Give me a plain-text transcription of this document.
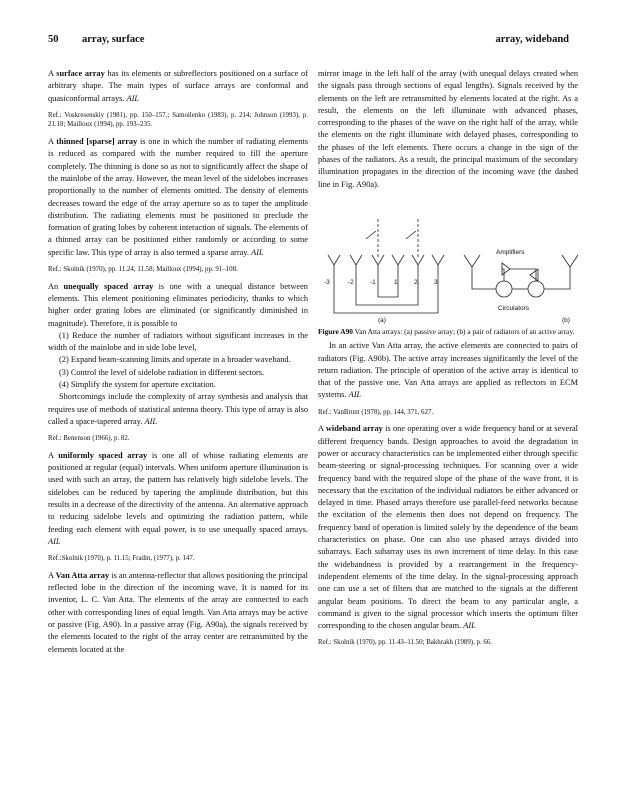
50 array, surface	array, wideband

A surface array has its elements or subreflectors positioned on a surface of arbitrary shape. The main types of surface arrays are conformal and quasiconformal arrays. AIL

Ref.: Voskresenskiy (1981), pp. 150–157.; Samoilenko (1983), p. 214; Johnson (1993), p. 21.18; Mailloux (1994), pp. 193–235.

A thinned [sparse] array is one in which the number of radiating elements is reduced as compared with the number required to fill the aperture completely. The thinning is done so as not to significantly affect the shape of the mainlobe of the array. However, the mean level of the sidelobes increases proportionally to the number of elements omitted. The density of elements decreases toward the edge of the array aperture so as to taper the amplitude distribution. The radiating elements must be positioned to preclude the formation of grating lobes by coherent interaction of signals. The elements of a thinned array can be positioned either randomly or according to some specific law. This type of array is also termed a sparse array. AIL

Ref.: Skolnik (1970), pp. 11.24, 11.58; Mailloux (1994), pp. 91–108.

An unequally spaced array is one with a unequal distance between elements. This element positioning eliminates periodicity, thanks to which higher order grating lobes are eliminated (or significantly diminished in magnitude). Therefore, it is possible to

(1) Reduce the number of radiators without significant increases in the width of the mainlobe and in side lobe level,

(2) Expand beam-scanning limits and operate in a broader waveband.

(3) Control the level of sidelobe radiation in different sectors.

(4) Simplify the system for aperture excitation.

Shortcomings include the complexity of array synthesis and analysis that requires use of methods of statistical antenna theory. This type of array is also called a space-tapered array. AIL

Ref.: Benenson (1966), p. 82.

A uniformly spaced array is one all of whose radiating elements are positioned at regular (equal) intervals. When uniform aperture illumination is used with such an array, the pattern has relatively high sidelobe levels. The sidelobes can be reduced by tapering the amplitude distribution, but this results in a decrease of the directivity of the antenna. An alternative approach to reducing sidelobe levels and optimizing the radiation pattern, while feeding each element with equal power, is to use unequally spaced arrays. AIL

Ref.:Skolnik (1970), p. 11.15; Fradin, (1977), p. 147.

A Van Atta array is an antenna-reflector that allows positioning the principal reflected lobe in the direction of the incoming wave. It is named for its inventor, L. C. Van Atta. The elements of the array are connected to each other with corresponding lines of equal length. Van Atta arrays may be active or passive (Fig. A90). In a passive array (Fig. A90a), the signals received by the elements located to the right of the array center are retransmitted by the elements located at the

mirror image in the left half of the array (with unequal delays created when the signals pass through sections of equal lengths). Signals received by the elements on the left are retransmitted by elements located at the right. As a result, the elements on the left illuminate with advanced phases, corresponding to the phases of the wave on the right half of the array, while the elements on the right illuminate with delayed phases, corresponding to the phases of the left elements. There occurs a change in the sign of the phases of the radiators. As a result, the principal maximum of the secondary illumination propagates in the direction of the incoming wave (the dashed line in Fig. A90a).

-3	-2 -1	1	2	3
Amplifiers
Circulators
(a)	(b)

Figure A90 Van Atta arrays: (a) passive array; (b) a pair of radiators of an active array.

In an active Van Atta array, the active elements are connected to pairs of radiators (Fig. A90b). The active array increases significantly the level of the return radiation. The principle of operation of the active array is identical to that of the passive one. Van Atta arrays are applied as reflectors in ECM systems. AIL

Ref.: VanBrunt (1978), pp. 144, 371, 627.

A wideband array is one operating over a wide frequency band or at several different frequency bands. Design approaches to avoid the degradation in power or accuracy characteristics can be implemented either through specific beam-steering or signal-processing techniques. For scanning over a wide frequency band with the required slope of the phase of the wave front, it is necessary that the excitation of the individual radiators be either advanced or delayed in time. Phased arrays therefore use parallel-feed networks because the excitation of the elements then does not depend on frequency. The frequency band of operation is limited solely by the dependence of the beam characteristics on phase. One can also use phased arrays divided into subarrays. Each subarray uses its own increment of time delay. In this case the widebandness is provided by a rearrangement in the frequency-independent elements of the time delay. In the signal-processing approach one can use a set of filters that are matched to the signals at the different angular beam positions. To direct the beam to any particular angle, a command is given to the signal processor which inserts the optimum filter corresponding to the chosen angular beam. AIL

Ref.: Skolnik (1970), pp. 11.43–11.50; Bakhrakh (1989), p. 66.
